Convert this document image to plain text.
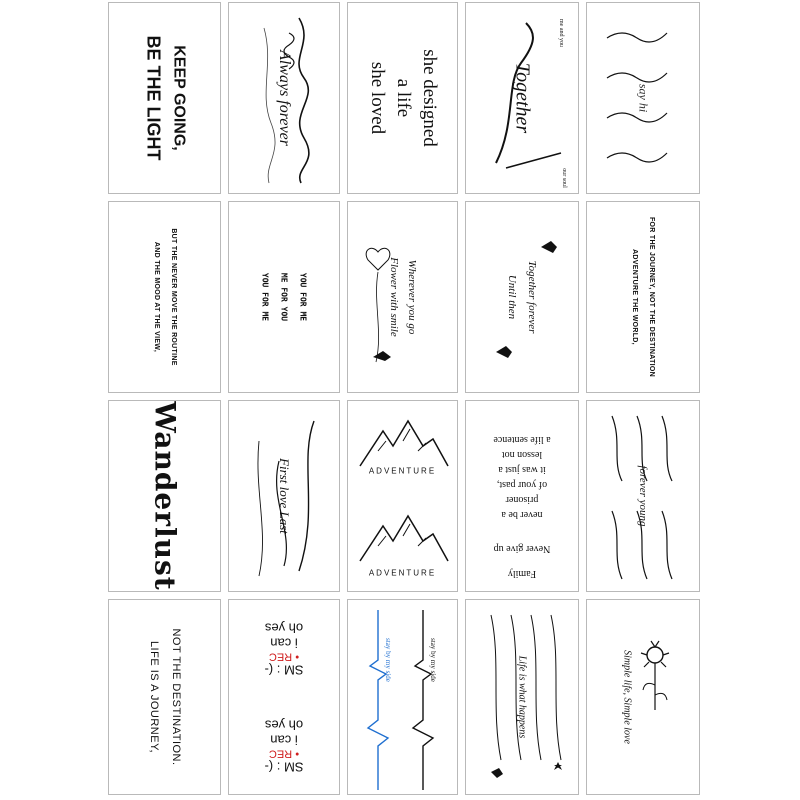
KEEP GOING,
BE THE LIGHT	Always forever	she designed
a life
she loved	Together
me and you
our soul
say hi
BUT THE NEVER MOVE THE ROUTINE
AND THE MOOD AT THE VIEW,	YOU FOR ME
ME FOR YOU
YOU FOR ME	Wherever you go
Flower with smile	Together forever
Until then	FOR THE JOURNEY, NOT THE DESTINATION
ADVENTURE THE WORLD,
Wanderlust	First love Last	ADVENTURE
ADVENTURE
never be a
prisoner
of your past,
it was just a
lesson not
a life sentence
Family
Never give up
forever young
NOT THE DESTINATION.
LIFE IS A JOURNEY,	SM : (-
• REC
i can
oh yes
SM : (-
• REC
i can
oh yes
stay by my side	stay by my side	Life is what happens	Simple life, Simple love
